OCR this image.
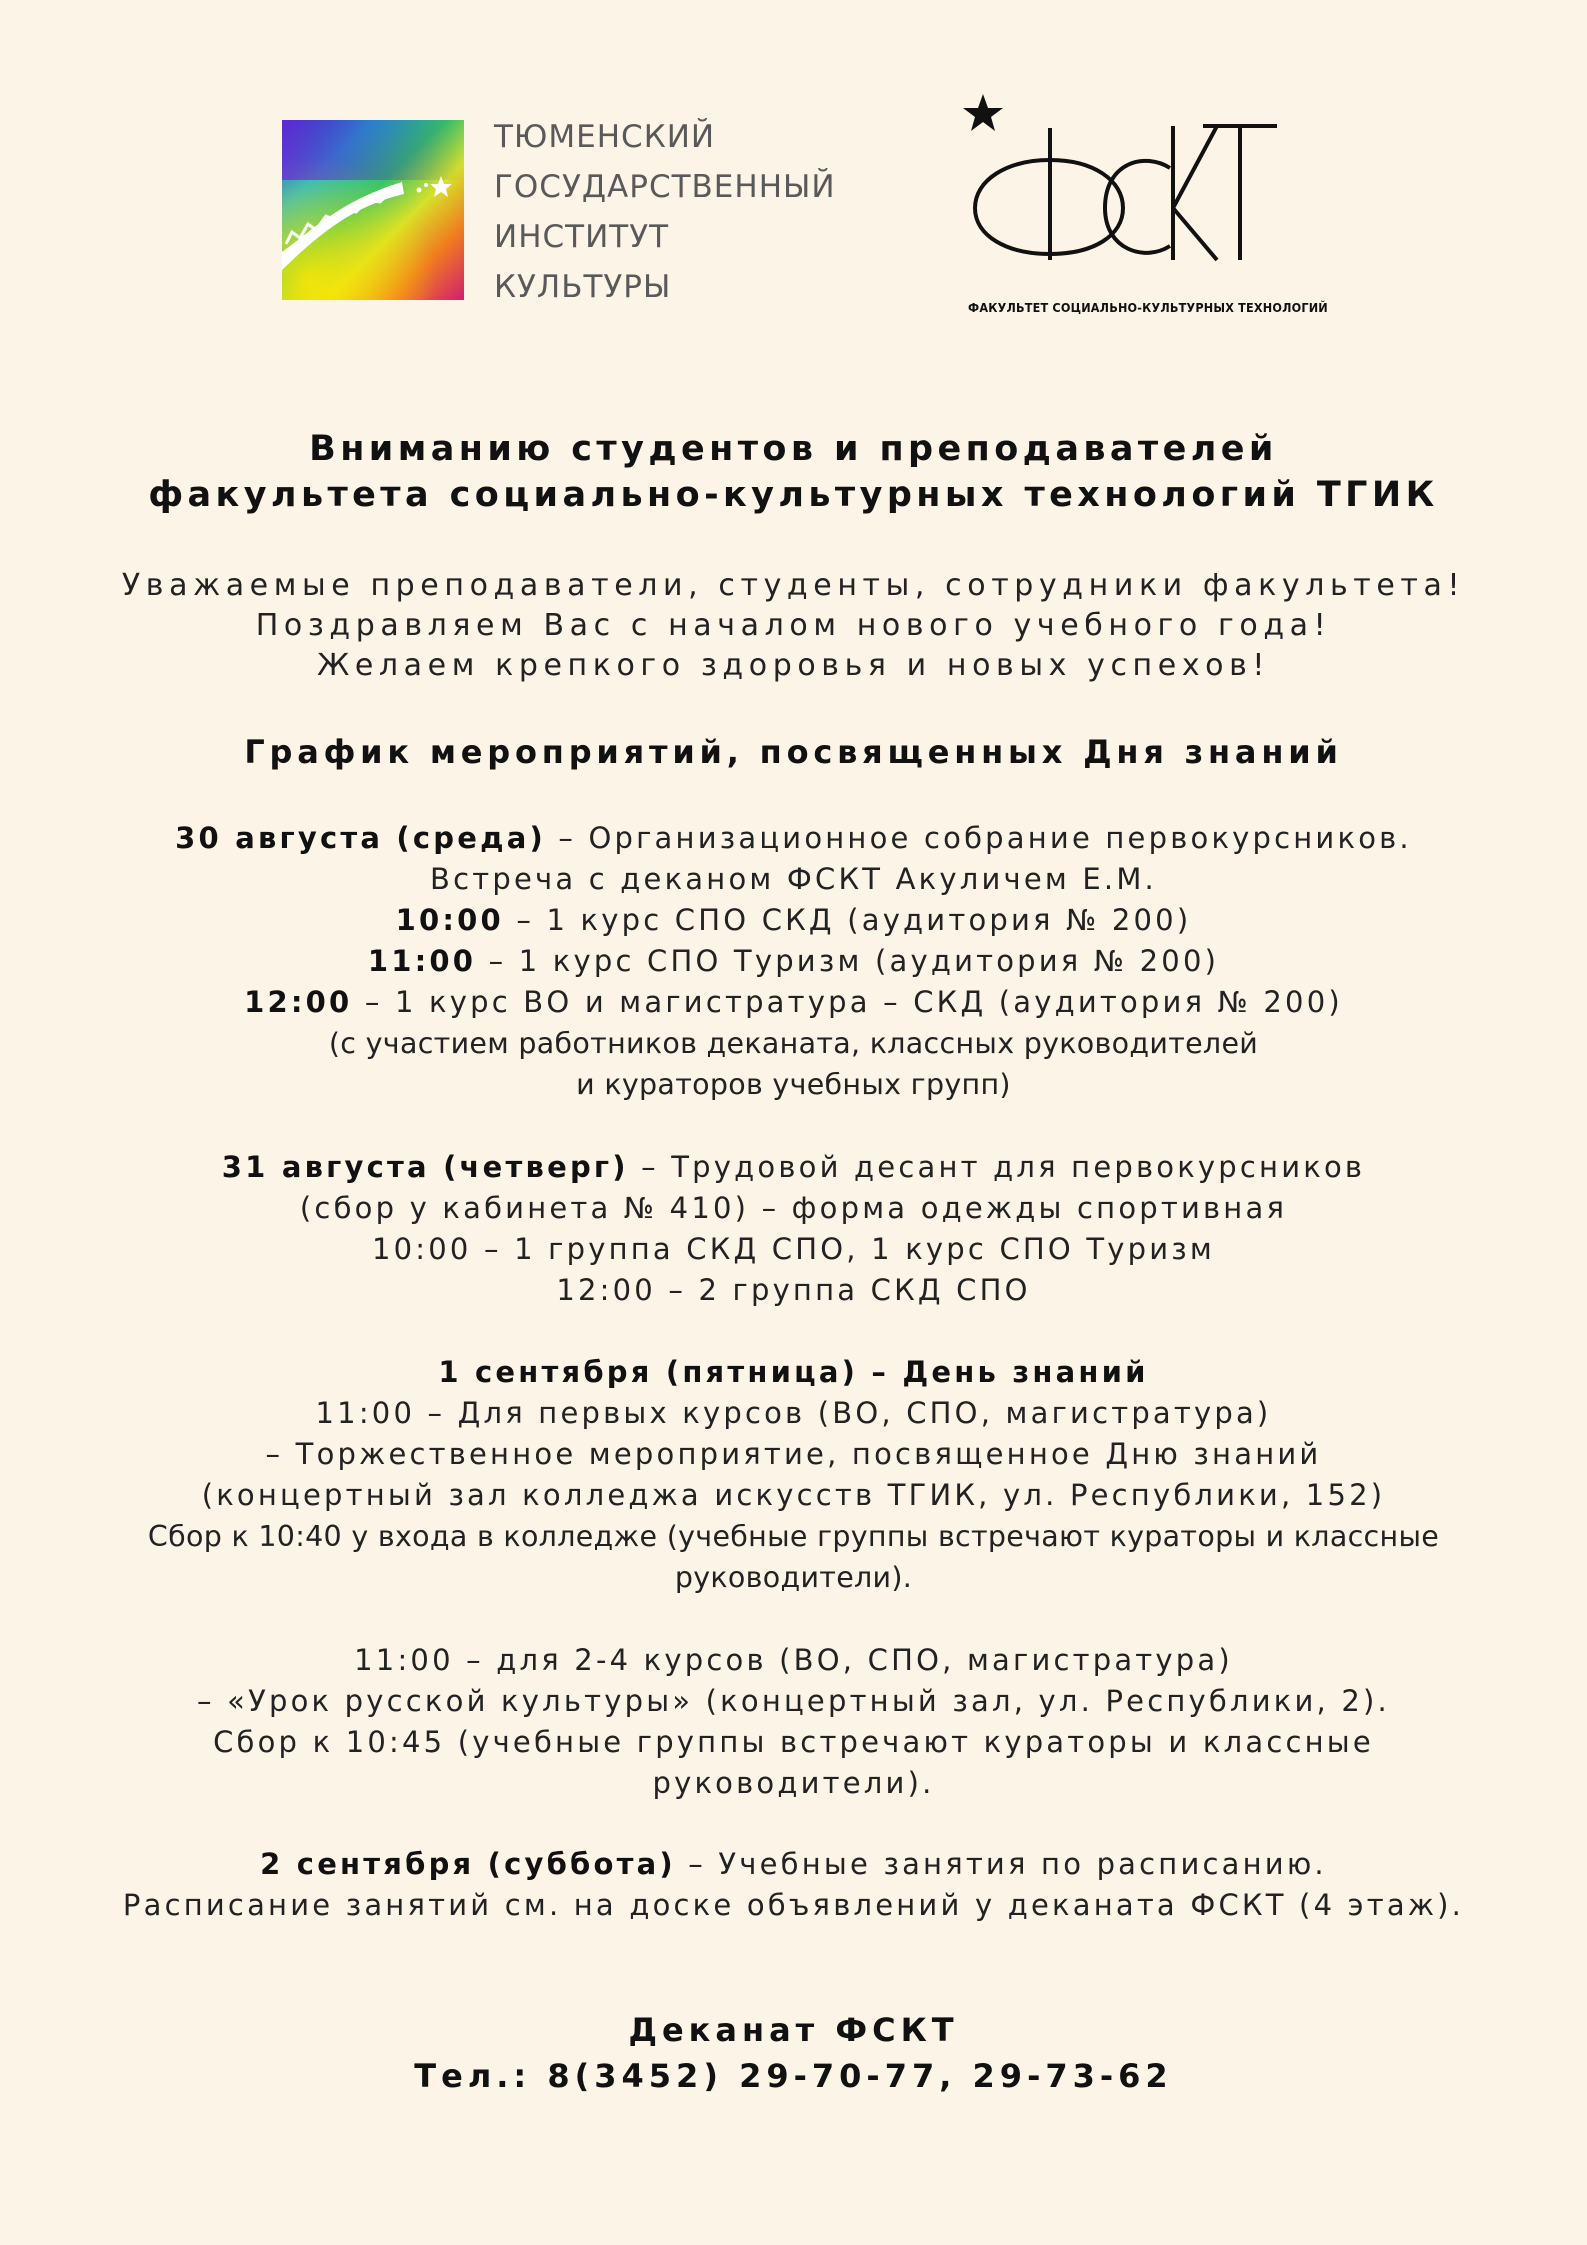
ТЮМЕНСКИЙ
ГОСУДАРСТВЕННЫЙ
ИНСТИТУТ
КУЛЬТУРЫ
ФАКУЛЬТЕТ СОЦИАЛЬНО-КУЛЬТУРНЫХ ТЕХНОЛОГИЙ
Вниманию студентов и преподавателей
факультета социально-культурных технологий ТГИК
Уважаемые преподаватели, студенты, сотрудники факультета!
Поздравляем Вас с началом нового учебного года!
Желаем крепкого здоровья и новых успехов!
График мероприятий, посвященных Дня знаний
30 августа (среда) – Организационное собрание первокурсников.
Встреча с деканом ФСКТ Акуличем Е.М.
10:00 – 1 курс СПО СКД (аудитория № 200)
11:00 – 1 курс СПО Туризм (аудитория № 200)
12:00 – 1 курс ВО и магистратура – СКД (аудитория № 200)
(с участием работников деканата, классных руководителей
и кураторов учебных групп)
31 августа (четверг) – Трудовой десант для первокурсников
(сбор у кабинета № 410) – форма одежды спортивная
10:00 – 1 группа СКД СПО, 1 курс СПО Туризм
12:00 – 2 группа СКД СПО
1 сентября (пятница) – День знаний
11:00 – Для первых курсов (ВО, СПО, магистратура)
– Торжественное мероприятие, посвященное Дню знаний
(концертный зал колледжа искусств ТГИК, ул. Республики, 152)
Сбор к 10:40 у входа в колледже (учебные группы встречают кураторы и классные
руководители).
11:00 – для 2-4 курсов (ВО, СПО, магистратура)
– «Урок русской культуры» (концертный зал, ул. Республики, 2).
Сбор к 10:45 (учебные группы встречают кураторы и классные
руководители).
2 сентября (суббота) – Учебные занятия по расписанию.
Расписание занятий см. на доске объявлений у деканата ФСКТ (4 этаж).
Деканат ФСКТ
Тел.: 8(3452) 29-70-77, 29-73-62
